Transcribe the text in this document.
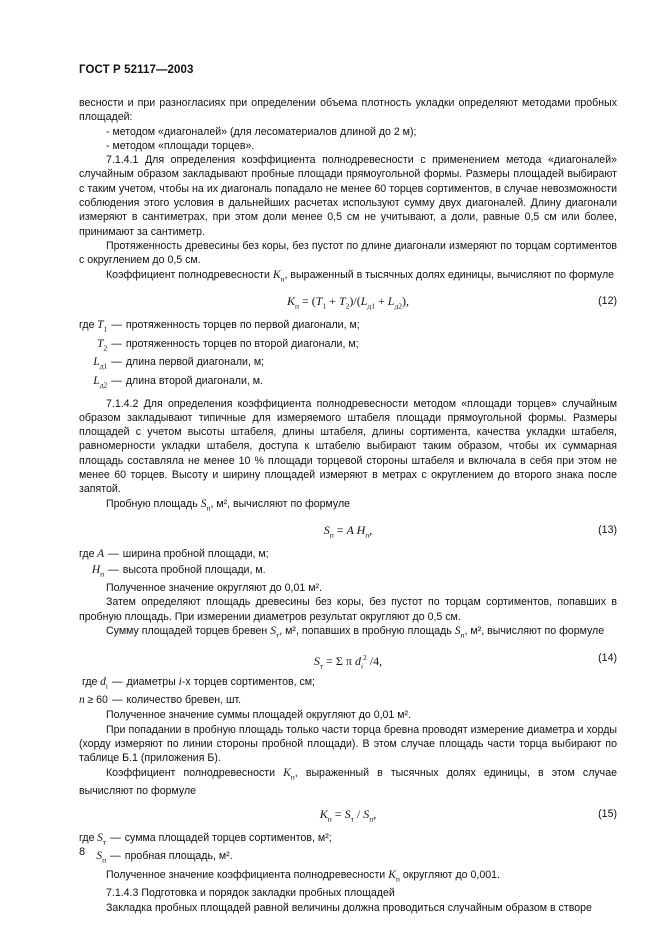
ГОСТ Р 52117—2003

весности и при разногласиях при определении объема плотность укладки определяют методами пробных площадей:

- методом «диагоналей» (для лесоматериалов длиной до 2 м);

- методом «площади торцев».

7.1.4.1 Для определения коэффициента полнодревесности с применением метода «диагоналей» случайным образом закладывают пробные площади прямоугольной формы. Размеры площадей выбирают с таким учетом, чтобы на их диагональ попадало не менее 60 торцев сортиментов, в случае невозможности соблюдения этого условия в дальнейших расчетах используют сумму двух диагоналей. Длину диагонали измеряют в сантиметрах, при этом доли менее 0,5 см не учитывают, а доли, равные 0,5 см или более, принимают за сантиметр.

Протяженность древесины без коры, без пустот по длине диагонали измеряют по торцам сортиментов с округлением до 0,5 см.

Коэффициент полнодревесности $K_п$, выраженный в тысячных долях единицы, вычисляют по формуле

$K_п = (T_1 + T_2)/(L_{д1} + L_{д2})$,	(12)
где $T_1$ — протяженность торцев по первой диагонали, м;
$T_2$ — протяженность торцев по второй диагонали, м;
$L_{д1}$ — длина первой диагонали, м;
$L_{д2}$ — длина второй диагонали, м.

7.1.4.2 Для определения коэффициента полнодревесности методом «площади торцев» случайным образом закладывают типичные для измеряемого штабеля площади прямоугольной формы. Размеры площадей с учетом высоты штабеля, длины штабеля, длины сортимента, качества укладки штабеля, равномерности укладки штабеля, доступа к штабелю выбирают таким образом, чтобы их суммарная площадь составляла не менее 10 % площади торцевой стороны штабеля и включала в себя при этом не менее 60 торцев. Высоту и ширину площадей измеряют в метрах с округлением до второго знака после запятой.

Пробную площадь $S_п$, м², вычисляют по формуле

$S_п = A$ $H_п$,	(13)
где A — ширина пробной площади, м;
$H_п$ — высота пробной площади, м.

Полученное значение округляют до 0,01 м².

Затем определяют площадь древесины без коры, без пустот по торцам сортиментов, попавших в пробную площадь. При измерении диаметров результат округляют до 0,5 см.

Сумму площадей торцев бревен $S_т$, м², попавших в пробную площадь $S_п$, м², вычисляют по формуле

$S_т = \Sigma$ π $d_i^2$ /4,	(14)
где $d_i$ — диаметры i-х торцев сортиментов, см;
n ≥ 60 — количество бревен, шт.

Полученное значение суммы площадей округляют до 0,01 м².

При попадании в пробную площадь только части торца бревна проводят измерение диаметра и хорды (хорду измеряют по линии стороны пробной площади). В этом случае площадь части торца выбирают по таблице Б.1 (приложения Б).

Коэффициент полнодревесности $K_п$, выраженный в тысячных долях единицы, в этом случае вычисляют по формуле

$K_п = S_т / S_п$,	(15)
где $S_т$ — сумма площадей торцев сортиментов, м²;
$S_п$ — пробная площадь, м².

Полученное значение коэффициента полнодревесности $K_п$ округляют до 0,001.

7.1.4.3 Подготовка и порядок закладки пробных площадей

Закладка пробных площадей равной величины должна проводиться случайным образом в створе

8
